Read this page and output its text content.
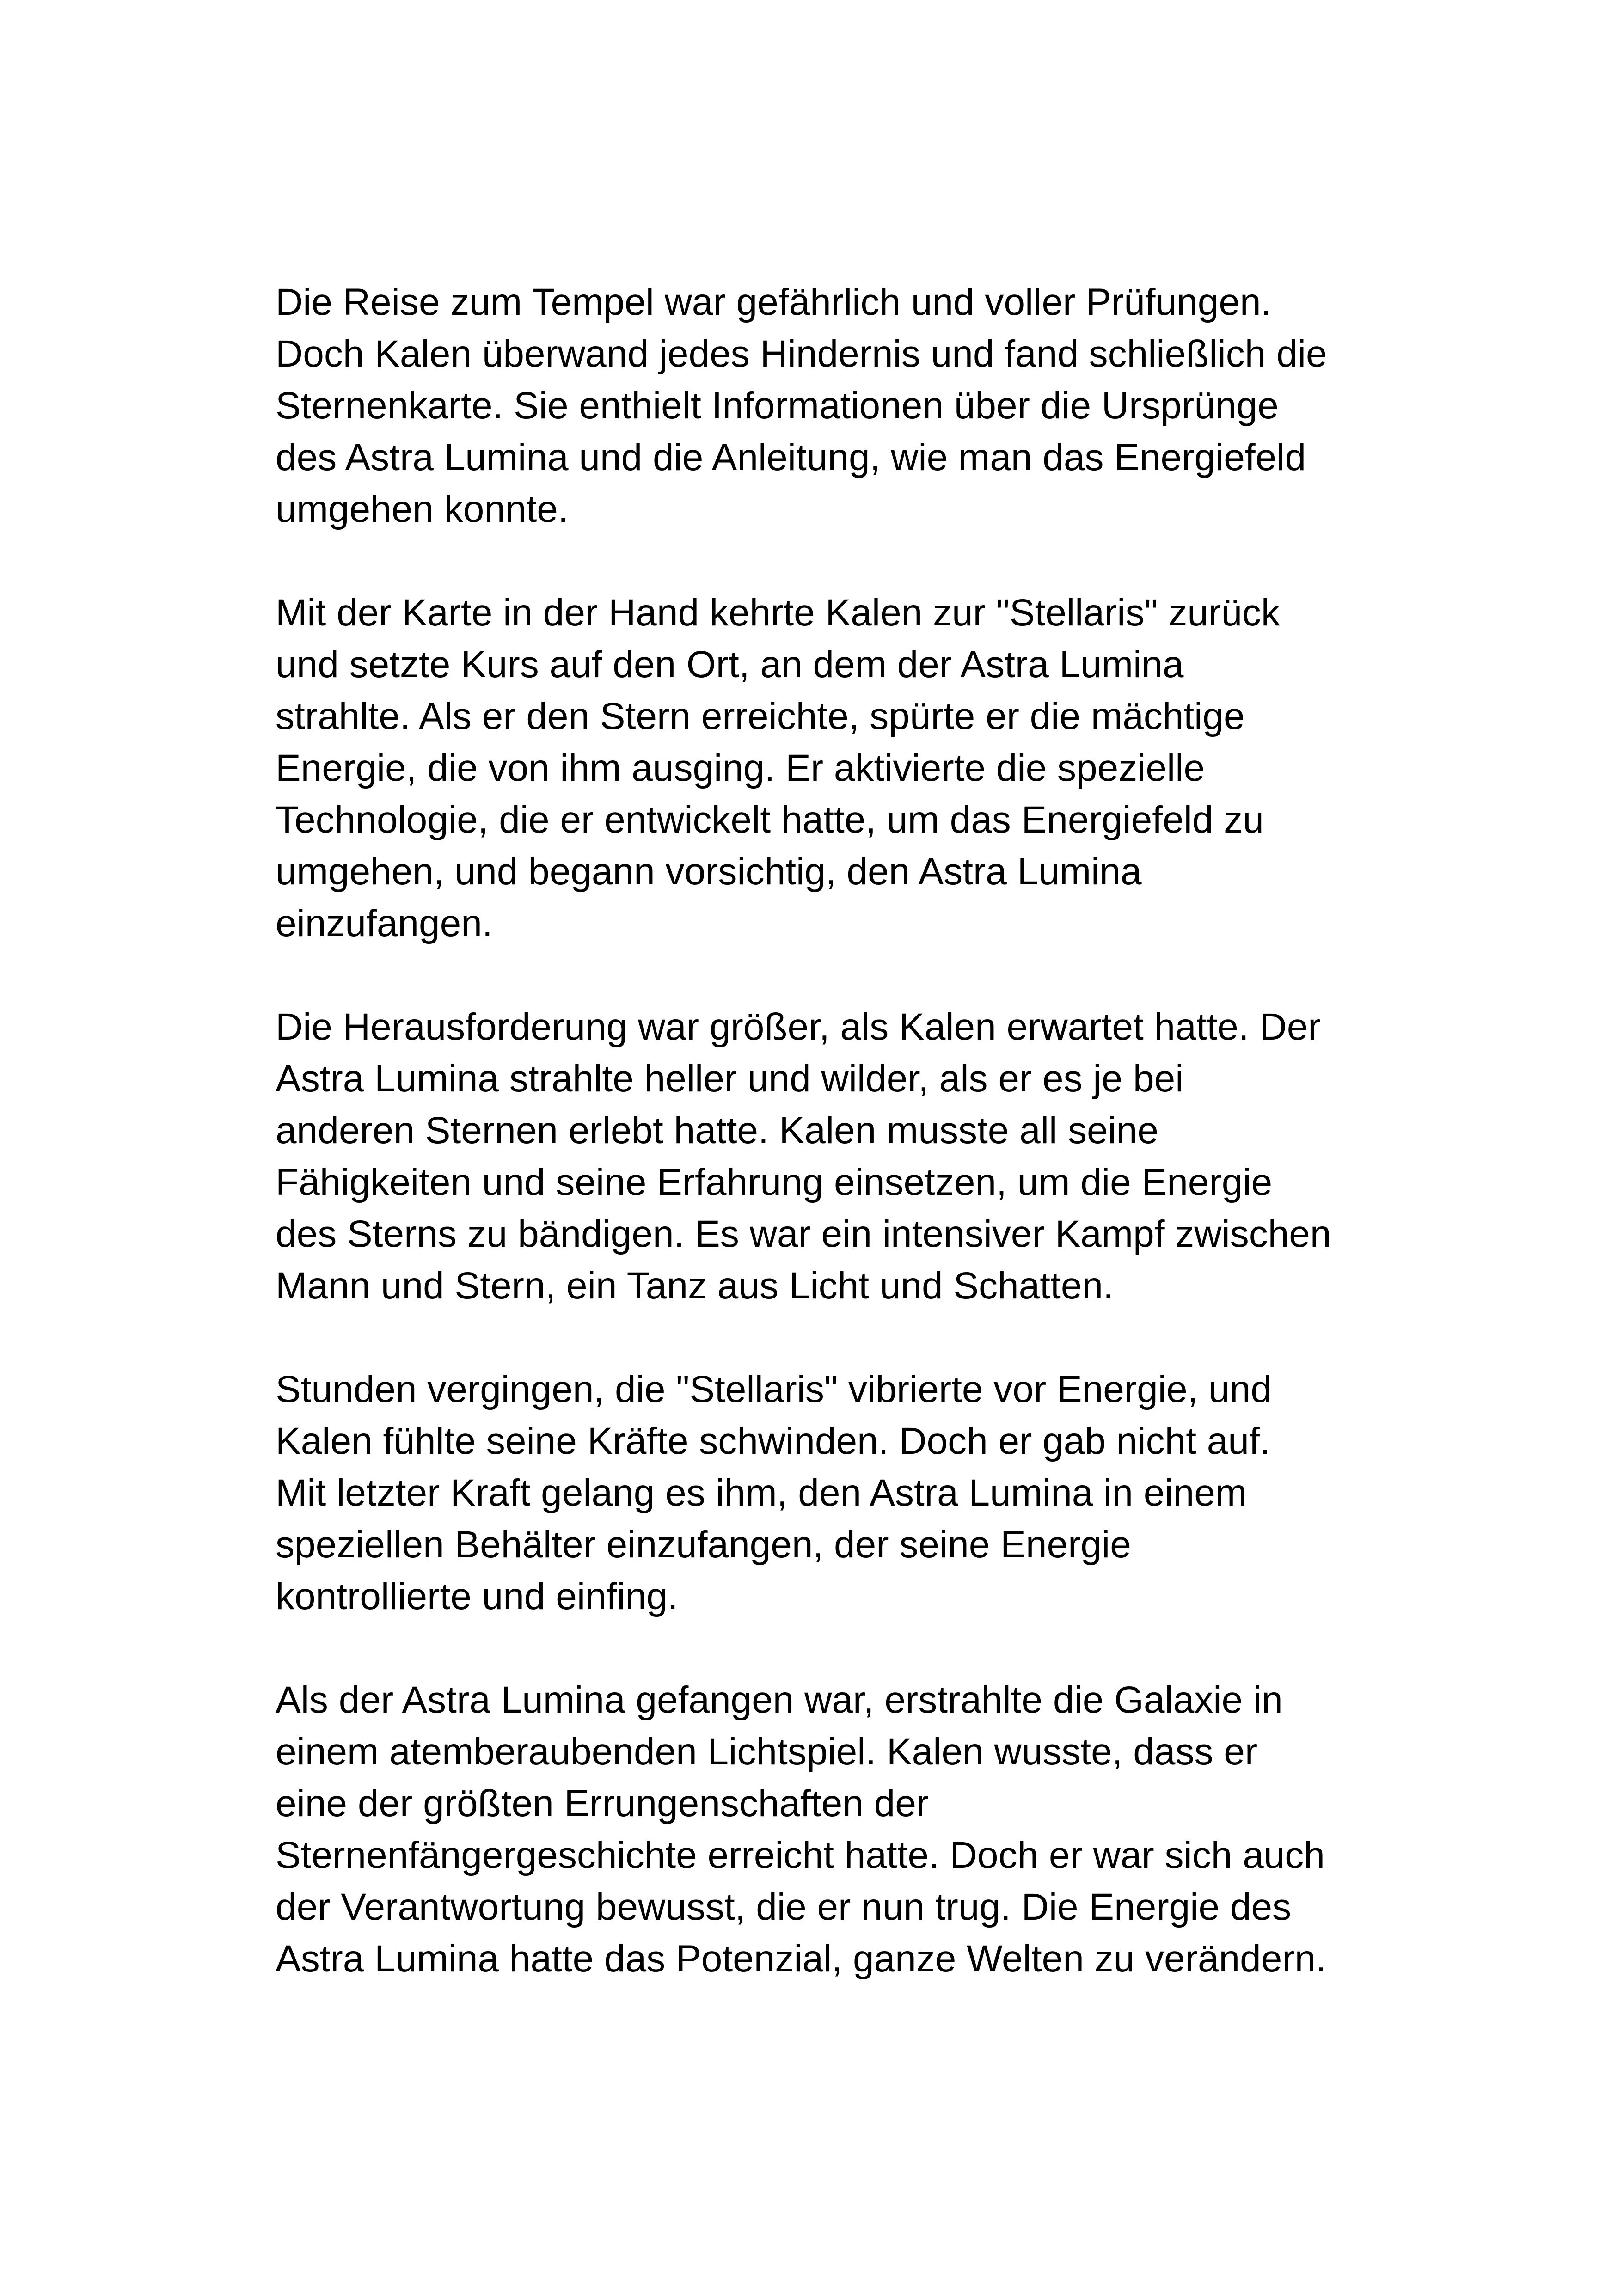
Die Reise zum Tempel war gefährlich und voller Prüfungen.
Doch Kalen überwand jedes Hindernis und fand schließlich die
Sternenkarte. Sie enthielt Informationen über die Ursprünge
des Astra Lumina und die Anleitung, wie man das Energiefeld
umgehen konnte.

Mit der Karte in der Hand kehrte Kalen zur "Stellaris" zurück
und setzte Kurs auf den Ort, an dem der Astra Lumina
strahlte. Als er den Stern erreichte, spürte er die mächtige
Energie, die von ihm ausging. Er aktivierte die spezielle
Technologie, die er entwickelt hatte, um das Energiefeld zu
umgehen, und begann vorsichtig, den Astra Lumina
einzufangen.

Die Herausforderung war größer, als Kalen erwartet hatte. Der
Astra Lumina strahlte heller und wilder, als er es je bei
anderen Sternen erlebt hatte. Kalen musste all seine
Fähigkeiten und seine Erfahrung einsetzen, um die Energie
des Sterns zu bändigen. Es war ein intensiver Kampf zwischen
Mann und Stern, ein Tanz aus Licht und Schatten.

Stunden vergingen, die "Stellaris" vibrierte vor Energie, und
Kalen fühlte seine Kräfte schwinden. Doch er gab nicht auf.
Mit letzter Kraft gelang es ihm, den Astra Lumina in einem
speziellen Behälter einzufangen, der seine Energie
kontrollierte und einfing.

Als der Astra Lumina gefangen war, erstrahlte die Galaxie in
einem atemberaubenden Lichtspiel. Kalen wusste, dass er
eine der größten Errungenschaften der
Sternenfängergeschichte erreicht hatte. Doch er war sich auch
der Verantwortung bewusst, die er nun trug. Die Energie des
Astra Lumina hatte das Potenzial, ganze Welten zu verändern.
